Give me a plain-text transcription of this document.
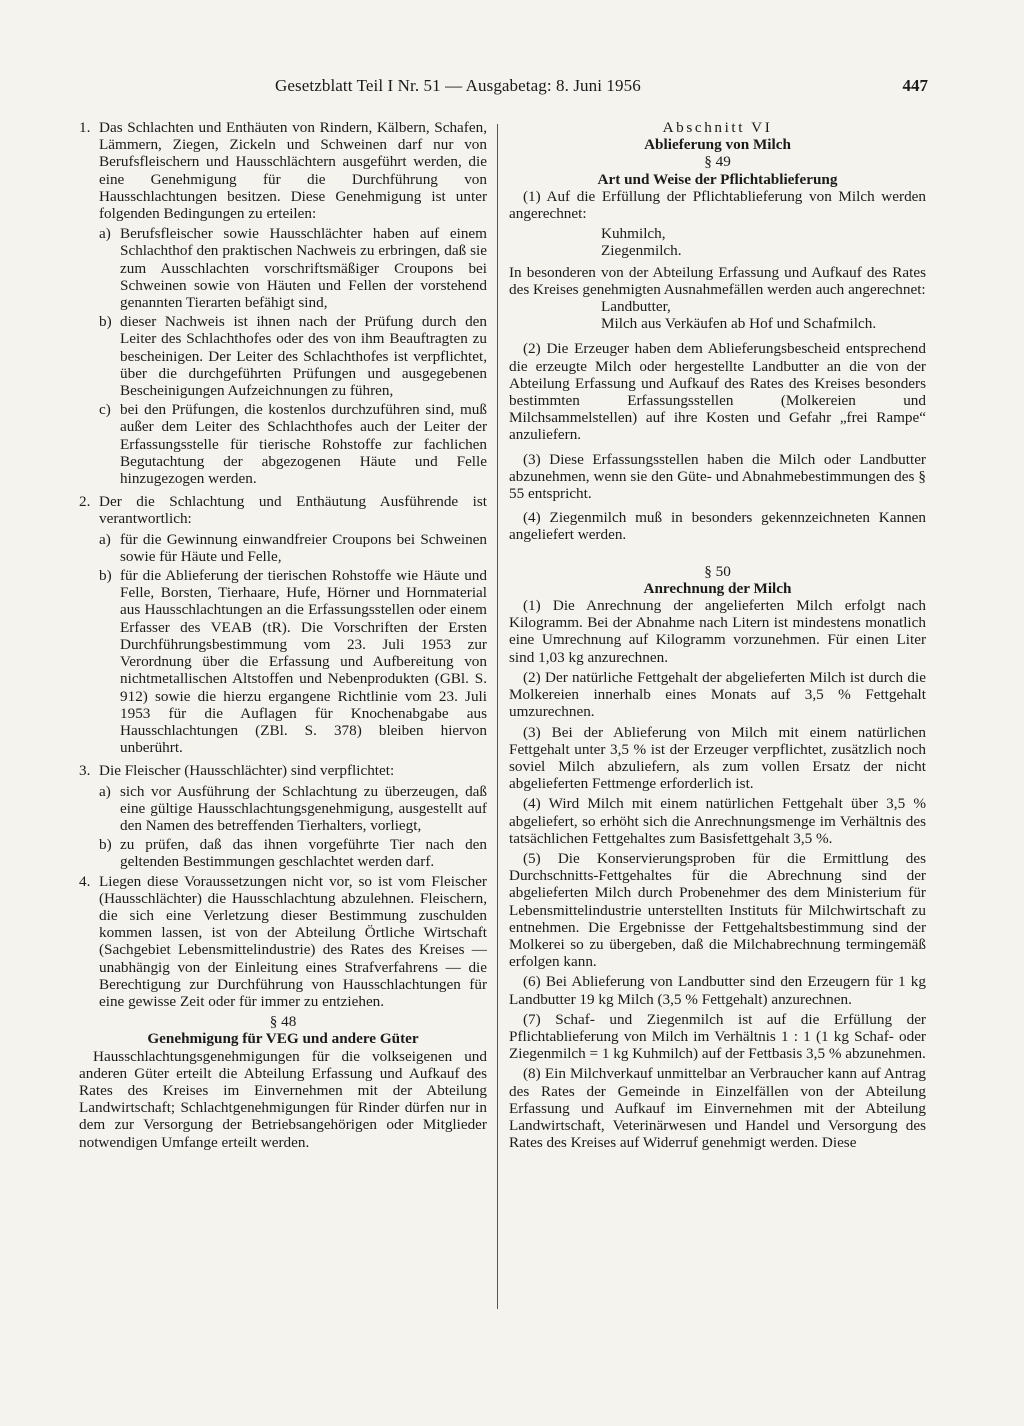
Gesetzblatt Teil I Nr. 51 — Ausgabetag: 8. Juni 1956	447
1. Das Schlachten und Enthäuten von Rindern, Kälbern, Schafen, Lämmern, Ziegen, Zickeln und Schweinen darf nur von Berufsfleischern und Hausschlächtern ausgeführt werden, die eine Genehmigung für die Durchführung von Hausschlachtungen besitzen. Diese Genehmigung ist unter folgenden Bedingungen zu erteilen:

a) Berufsfleischer sowie Hausschlächter haben auf einem Schlachthof den praktischen Nachweis zu erbringen, daß sie zum Ausschlachten vorschriftsmäßiger Croupons bei Schweinen sowie von Häuten und Fellen der vorstehend genannten Tierarten befähigt sind,

b) dieser Nachweis ist ihnen nach der Prüfung durch den Leiter des Schlachthofes oder des von ihm Beauftragten zu bescheinigen. Der Leiter des Schlachthofes ist verpflichtet, über die durchgeführten Prüfungen und ausgegebenen Bescheinigungen Aufzeichnungen zu führen,

c) bei den Prüfungen, die kostenlos durchzuführen sind, muß außer dem Leiter des Schlachthofes auch der Leiter der Erfassungsstelle für tierische Rohstoffe zur fachlichen Begutachtung der abgezogenen Häute und Felle hinzugezogen werden.

2. Der die Schlachtung und Enthäutung Ausführende ist verantwortlich:

a) für die Gewinnung einwandfreier Croupons bei Schweinen sowie für Häute und Felle,

b) für die Ablieferung der tierischen Rohstoffe wie Häute und Felle, Borsten, Tierhaare, Hufe, Hörner und Hornmaterial aus Hausschlachtungen an die Erfassungsstellen oder einem Erfasser des VEAB (tR). Die Vorschriften der Ersten Durchführungsbestimmung vom 23. Juli 1953 zur Verordnung über die Erfassung und Aufbereitung von nichtmetallischen Altstoffen und Nebenprodukten (GBl. S. 912) sowie die hierzu ergangene Richtlinie vom 23. Juli 1953 für die Auflagen für Knochenabgabe aus Hausschlachtungen (ZBl. S. 378) bleiben hiervon unberührt.

3. Die Fleischer (Hausschlächter) sind verpflichtet:

a) sich vor Ausführung der Schlachtung zu überzeugen, daß eine gültige Hausschlachtungsgenehmigung, ausgestellt auf den Namen des betreffenden Tierhalters, vorliegt,

b) zu prüfen, daß das ihnen vorgeführte Tier nach den geltenden Bestimmungen geschlachtet werden darf.

4. Liegen diese Voraussetzungen nicht vor, so ist vom Fleischer (Hausschlächter) die Hausschlachtung abzulehnen. Fleischern, die sich eine Verletzung dieser Bestimmung zuschulden kommen lassen, ist von der Abteilung Örtliche Wirtschaft (Sachgebiet Lebensmittelindustrie) des Rates des Kreises — unabhängig von der Einleitung eines Strafverfahrens — die Berechtigung zur Durchführung von Hausschlachtungen für eine gewisse Zeit oder für immer zu entziehen.

§ 48

Genehmigung für VEG und andere Güter

Hausschlachtungsgenehmigungen für die volkseigenen und anderen Güter erteilt die Abteilung Erfassung und Aufkauf des Rates des Kreises im Einvernehmen mit der Abteilung Landwirtschaft; Schlachtgenehmigungen für Rinder dürfen nur in dem zur Versorgung der Betriebsangehörigen oder Mitglieder notwendigen Umfange erteilt werden.

Abschnitt VI

Ablieferung von Milch

§ 49

Art und Weise der Pflichtablieferung

(1) Auf die Erfüllung der Pflichtablieferung von Milch werden angerechnet:

Kuhmilch,

Ziegenmilch.

In besonderen von der Abteilung Erfassung und Aufkauf des Rates des Kreises genehmigten Ausnahmefällen werden auch angerechnet:

Landbutter,

Milch aus Verkäufen ab Hof und Schafmilch.

(2) Die Erzeuger haben dem Ablieferungsbescheid entsprechend die erzeugte Milch oder hergestellte Landbutter an die von der Abteilung Erfassung und Aufkauf des Rates des Kreises besonders bestimmten Erfassungsstellen (Molkereien und Milchsammelstellen) auf ihre Kosten und Gefahr „frei Rampe“ anzuliefern.

(3) Diese Erfassungsstellen haben die Milch oder Landbutter abzunehmen, wenn sie den Güte- und Abnahmebestimmungen des § 55 entspricht.

(4) Ziegenmilch muß in besonders gekennzeichneten Kannen angeliefert werden.

§ 50

Anrechnung der Milch

(1) Die Anrechnung der angelieferten Milch erfolgt nach Kilogramm. Bei der Abnahme nach Litern ist mindestens monatlich eine Umrechnung auf Kilogramm vorzunehmen. Für einen Liter sind 1,03 kg anzurechnen.

(2) Der natürliche Fettgehalt der abgelieferten Milch ist durch die Molkereien innerhalb eines Monats auf 3,5 % Fettgehalt umzurechnen.

(3) Bei der Ablieferung von Milch mit einem natürlichen Fettgehalt unter 3,5 % ist der Erzeuger verpflichtet, zusätzlich noch soviel Milch abzuliefern, als zum vollen Ersatz der nicht abgelieferten Fettmenge erforderlich ist.

(4) Wird Milch mit einem natürlichen Fettgehalt über 3,5 % abgeliefert, so erhöht sich die Anrechnungsmenge im Verhältnis des tatsächlichen Fettgehaltes zum Basisfettgehalt 3,5 %.

(5) Die Konservierungsproben für die Ermittlung des Durchschnitts-Fettgehaltes für die Abrechnung sind der abgelieferten Milch durch Probenehmer des dem Ministerium für Lebensmittelindustrie unterstellten Instituts für Milchwirtschaft zu entnehmen. Die Ergebnisse der Fettgehaltsbestimmung sind der Molkerei so zu übergeben, daß die Milchabrechnung termingemäß erfolgen kann.

(6) Bei Ablieferung von Landbutter sind den Erzeugern für 1 kg Landbutter 19 kg Milch (3,5 % Fettgehalt) anzurechnen.

(7) Schaf- und Ziegenmilch ist auf die Erfüllung der Pflichtablieferung von Milch im Verhältnis 1 : 1 (1 kg Schaf- oder Ziegenmilch = 1 kg Kuhmilch) auf der Fettbasis 3,5 % abzunehmen.

(8) Ein Milchverkauf unmittelbar an Verbraucher kann auf Antrag des Rates der Gemeinde in Einzelfällen von der Abteilung Erfassung und Aufkauf im Einvernehmen mit der Abteilung Landwirtschaft, Veterinärwesen und Handel und Versorgung des Rates des Kreises auf Widerruf genehmigt werden. Diese
